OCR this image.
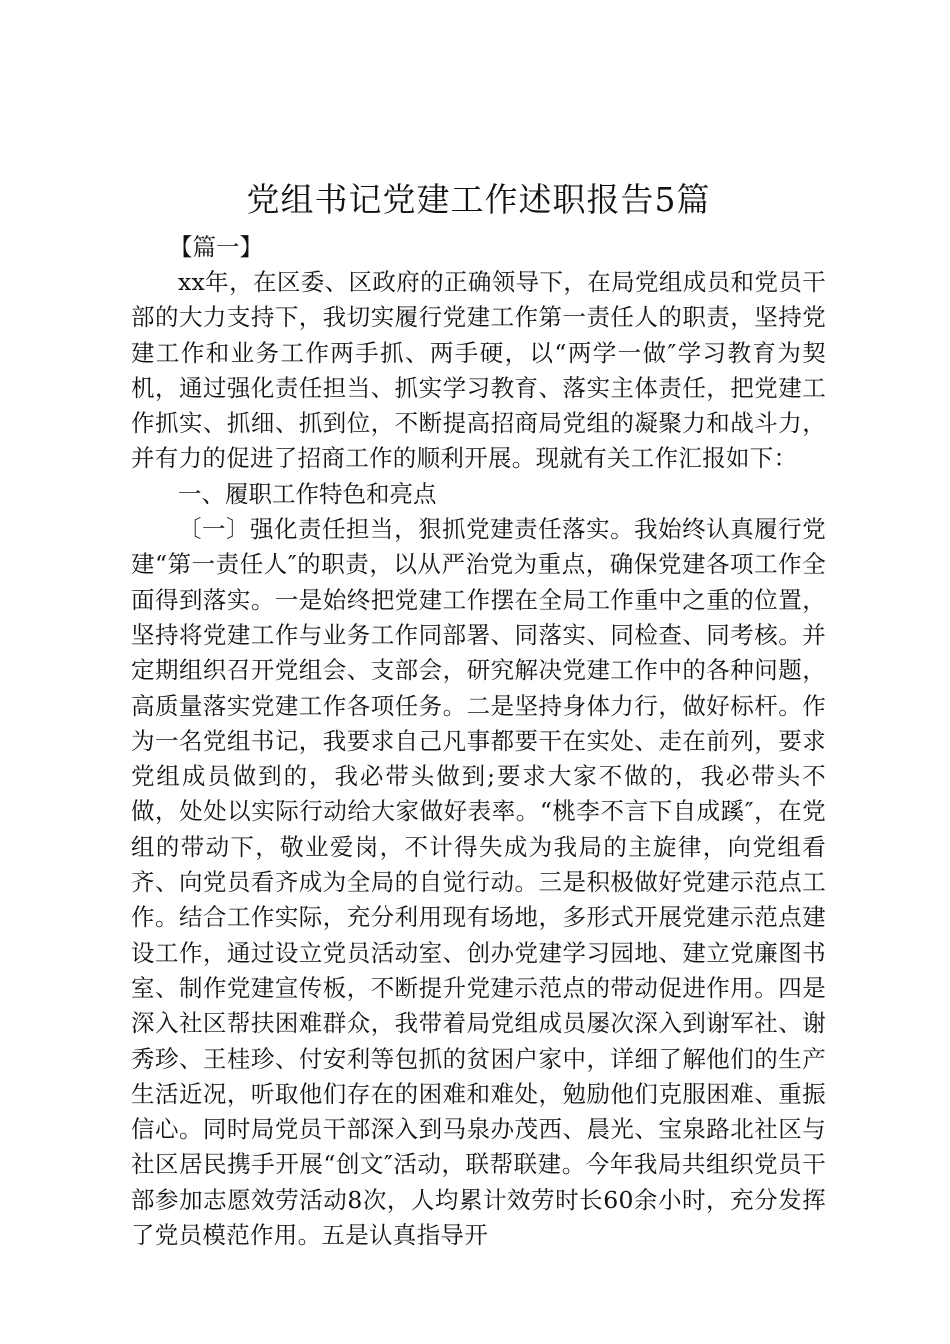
党组书记党建工作述职报告5篇

【篇一】

xx年，在区委、区政府的正确领导下，在局党组成员和党员干部的大力支持下，我切实履行党建工作第一责任人的职责，坚持党建工作和业务工作两手抓、两手硬，以“两学一做″学习教育为契机，通过强化责任担当、抓实学习教育、落实主体责任，把党建工作抓实、抓细、抓到位，不断提高招商局党组的凝聚力和战斗力，并有力的促进了招商工作的顺利开展。现就有关工作汇报如下：

一、履职工作特色和亮点

〔一〕强化责任担当，狠抓党建责任落实。我始终认真履行党建“第一责任人″的职责，以从严治党为重点，确保党建各项工作全面得到落实。一是始终把党建工作摆在全局工作重中之重的位置，坚持将党建工作与业务工作同部署、同落实、同检查、同考核。并定期组织召开党组会、支部会，研究解决党建工作中的各种问题，高质量落实党建工作各项任务。二是坚持身体力行，做好标杆。作为一名党组书记，我要求自己凡事都要干在实处、走在前列，要求党组成员做到的，我必带头做到;要求大家不做的，我必带头不做，处处以实际行动给大家做好表率。“桃李不言下自成蹊″，在党组的带动下，敬业爱岗，不计得失成为我局的主旋律，向党组看齐、向党员看齐成为全局的自觉行动。三是积极做好党建示范点工作。结合工作实际，充分利用现有场地，多形式开展党建示范点建设工作，通过设立党员活动室、创办党建学习园地、建立党廉图书室、制作党建宣传板，不断提升党建示范点的带动促进作用。四是深入社区帮扶困难群众，我带着局党组成员屡次深入到谢军社、谢秀珍、王桂珍、付安利等包抓的贫困户家中，详细了解他们的生产生活近况，听取他们存在的困难和难处，勉励他们克服困难、重振信心。同时局党员干部深入到马泉办茂西、晨光、宝泉路北社区与社区居民携手开展“创文″活动，联帮联建。今年我局共组织党员干部参加志愿效劳活动8次，人均累计效劳时长60余小时，充分发挥了党员模范作用。五是认真指导开
